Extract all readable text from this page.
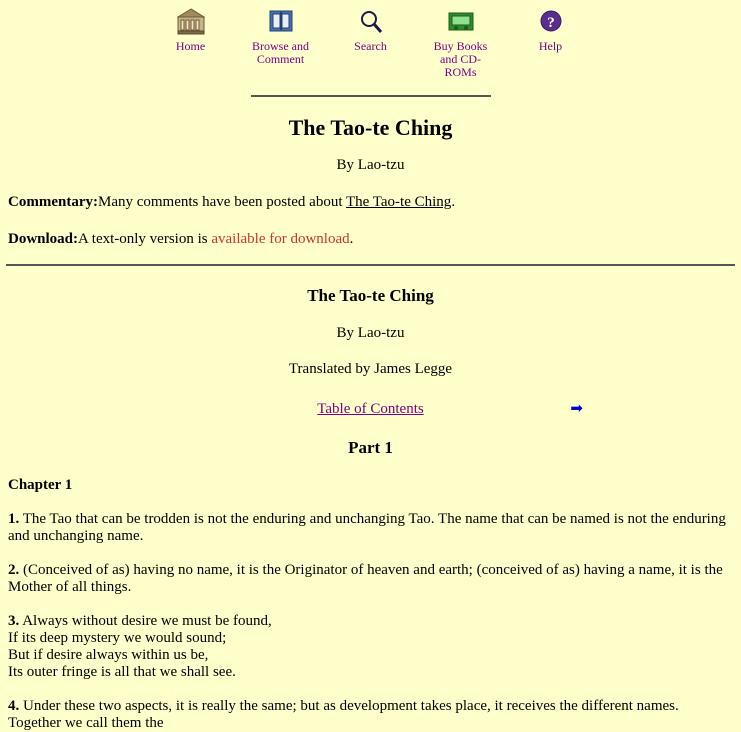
Home	Browse and Comment
Search	Buy Books and CD-ROMs
?
Help
The Tao-te Ching

By Lao-tzu

Commentary:Many comments have been posted about The Tao-te Ching.

Download:A text-only version is available for download.

The Tao-te Ching

By Lao-tzu

Translated by James Legge

Table of Contents	➡
Part 1
Chapter 1

1. The Tao that can be trodden is not the enduring and unchanging Tao. The name that can be named is not the enduring and unchanging name.

2. (Conceived of as) having no name, it is the Originator of heaven and earth; (conceived of as) having a name, it is the Mother of all things.

3. Always without desire we must be found,
If its deep mystery we would sound;
But if desire always within us be,
Its outer fringe is all that we shall see.

4. Under these two aspects, it is really the same; but as development takes place, it receives the different names. Together we call them the
